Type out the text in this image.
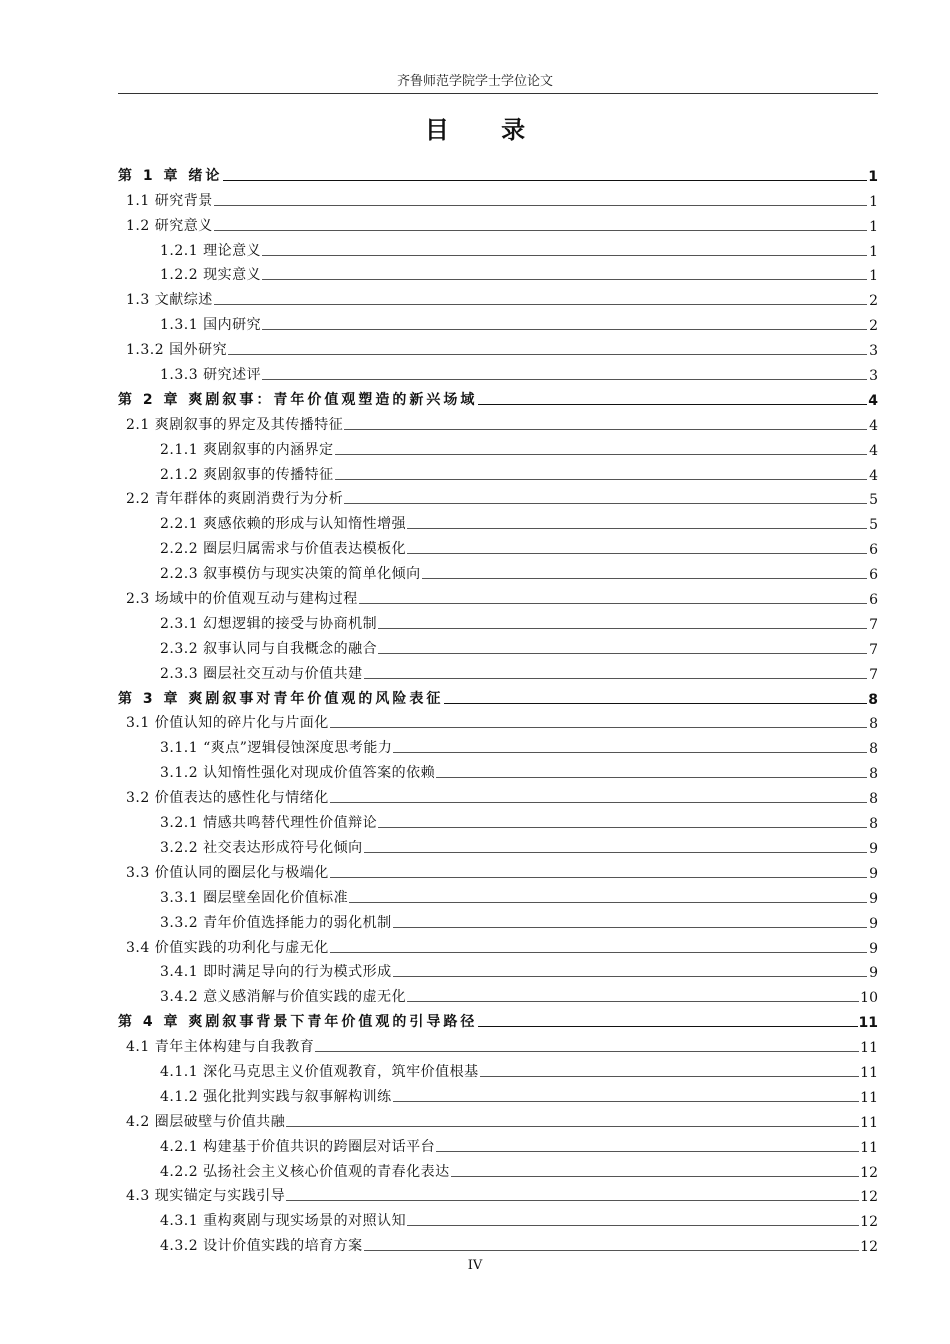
齐鲁师范学院学士学位论文
目 录
第 1 章 绪论	1
1.1 研究背景	1
1.2 研究意义	1
1.2.1 理论意义	1
1.2.2 现实意义	1
1.3 文献综述	2
1.3.1 国内研究	2
1.3.2 国外研究	3
1.3.3 研究述评	3
第 2 章 爽剧叙事：青年价值观塑造的新兴场域	4
2.1 爽剧叙事的界定及其传播特征	4
2.1.1 爽剧叙事的内涵界定	4
2.1.2 爽剧叙事的传播特征	4
2.2 青年群体的爽剧消费行为分析	5
2.2.1 爽感依赖的形成与认知惰性增强	5
2.2.2 圈层归属需求与价值表达模板化	6
2.2.3 叙事模仿与现实决策的简单化倾向	6
2.3 场域中的价值观互动与建构过程	6
2.3.1 幻想逻辑的接受与协商机制	7
2.3.2 叙事认同与自我概念的融合	7
2.3.3 圈层社交互动与价值共建	7
第 3 章 爽剧叙事对青年价值观的风险表征	8
3.1 价值认知的碎片化与片面化	8
3.1.1 “爽点”逻辑侵蚀深度思考能力	8
3.1.2 认知惰性强化对现成价值答案的依赖	8
3.2 价值表达的感性化与情绪化	8
3.2.1 情感共鸣替代理性价值辩论	8
3.2.2 社交表达形成符号化倾向	9
3.3 价值认同的圈层化与极端化	9
3.3.1 圈层壁垒固化价值标准	9
3.3.2 青年价值选择能力的弱化机制	9
3.4 价值实践的功利化与虚无化	9
3.4.1 即时满足导向的行为模式形成	9
3.4.2 意义感消解与价值实践的虚无化	10
第 4 章 爽剧叙事背景下青年价值观的引导路径	11
4.1 青年主体构建与自我教育	11
4.1.1 深化马克思主义价值观教育，筑牢价值根基	11
4.1.2 强化批判实践与叙事解构训练	11
4.2 圈层破壁与价值共融	11
4.2.1 构建基于价值共识的跨圈层对话平台	11
4.2.2 弘扬社会主义核心价值观的青春化表达	12
4.3 现实锚定与实践引导	12
4.3.1 重构爽剧与现实场景的对照认知	12
4.3.2 设计价值实践的培育方案	12
IV
